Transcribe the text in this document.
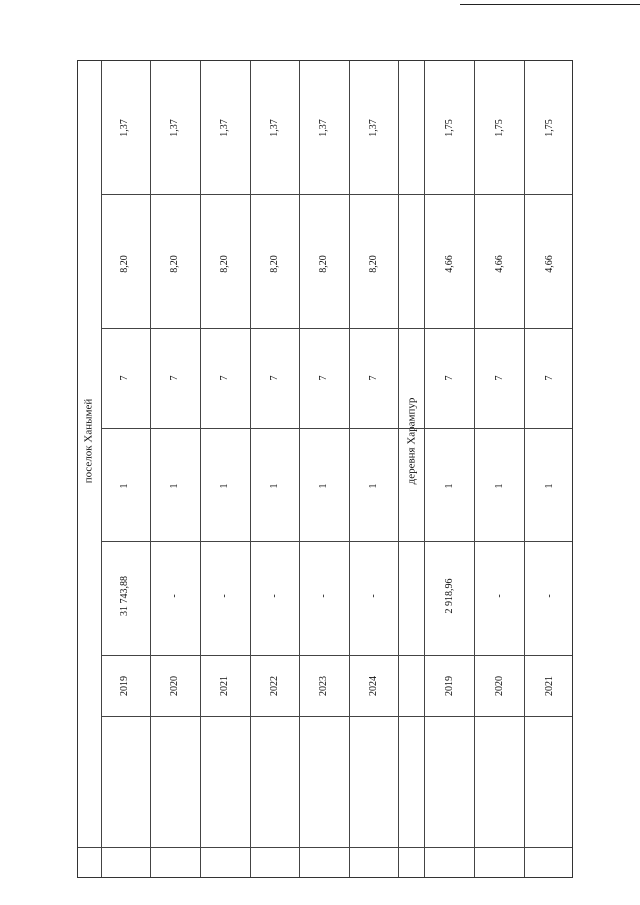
поселок Ханымей	деревня Харампур
2019
31 743,88
1
7
8,20
1,37
2020
-
1
7
8,20
1,37
2021
-
1
7
8,20
1,37
2022
-
1
7
8,20
1,37
2023
-
1
7
8,20
1,37
2024
-
1
7
8,20
1,37
2019
2 918,96
1
7
4,66
1,75
2020
-
1
7
4,66
1,75
2021
-
1
7
4,66
1,75
